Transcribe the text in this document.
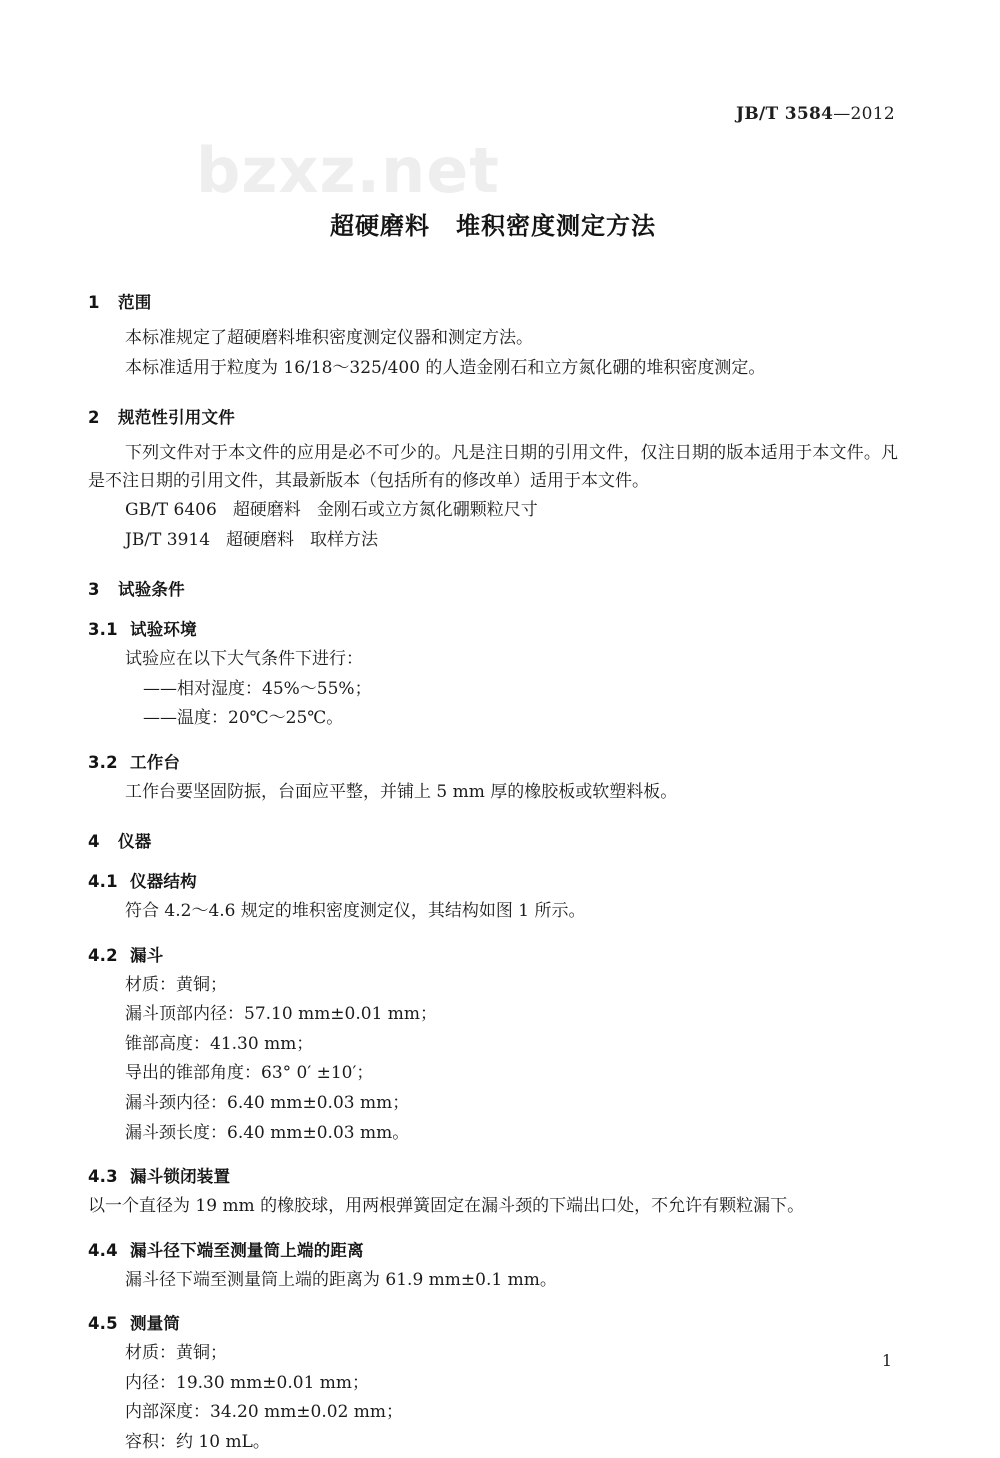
bzxz.net
JB/T 3584—2012
超硬磨料 堆积密度测定方法
1 范围

本标准规定了超硬磨料堆积密度测定仪器和测定方法。

本标准适用于粒度为 16/18～325/400 的人造金刚石和立方氮化硼的堆积密度测定。

2 规范性引用文件

下列文件对于本文件的应用是必不可少的。凡是注日期的引用文件，仅注日期的版本适用于本文件。凡是不注日期的引用文件，其最新版本（包括所有的修改单）适用于本文件。

GB/T 6406 超硬磨料 金刚石或立方氮化硼颗粒尺寸

JB/T 3914 超硬磨料 取样方法

3 试验条件
3.1 试验环境

试验应在以下大气条件下进行：

——相对湿度：45%～55%；

——温度：20℃～25℃。

3.2 工作台

工作台要坚固防振，台面应平整，并铺上 5 mm 厚的橡胶板或软塑料板。

4 仪器
4.1 仪器结构

符合 4.2～4.6 规定的堆积密度测定仪，其结构如图 1 所示。

4.2 漏斗

材质：黄铜；

漏斗顶部内径：57.10 mm±0.01 mm；

锥部高度：41.30 mm；

导出的锥部角度：63° 0′ ±10′；

漏斗颈内径：6.40 mm±0.03 mm；

漏斗颈长度：6.40 mm±0.03 mm。

4.3 漏斗锁闭装置

以一个直径为 19 mm 的橡胶球，用两根弹簧固定在漏斗颈的下端出口处，不允许有颗粒漏下。

4.4 漏斗径下端至测量筒上端的距离

漏斗径下端至测量筒上端的距离为 61.9 mm±0.1 mm。

4.5 测量筒

材质：黄铜；

内径：19.30 mm±0.01 mm；

内部深度：34.20 mm±0.02 mm；

容积：约 10 mL。

1
